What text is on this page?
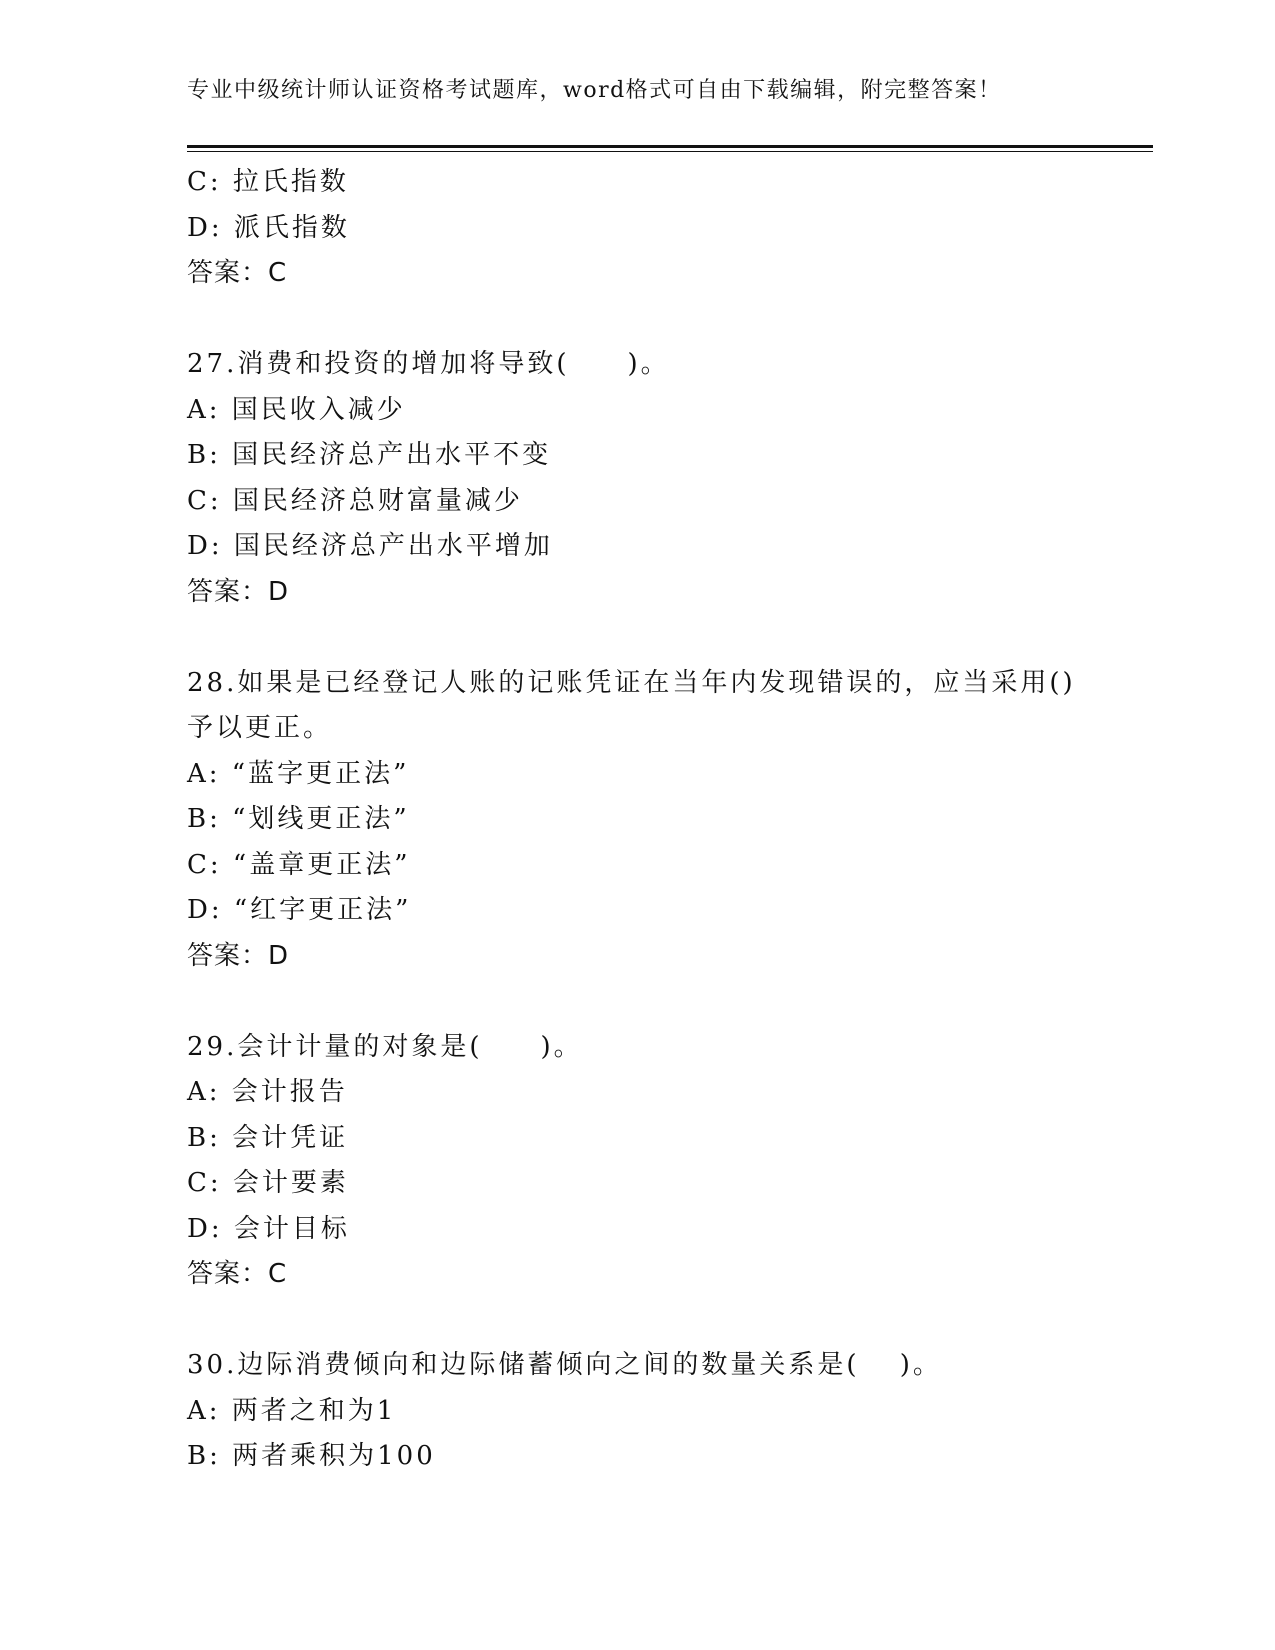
专业中级统计师认证资格考试题库，word格式可自由下载编辑，附完整答案！
C: 拉氏指数
D: 派氏指数
答案：C
27.消费和投资的增加将导致(　　)。
A: 国民收入减少
B: 国民经济总产出水平不变
C: 国民经济总财富量减少
D: 国民经济总产出水平增加
答案：D
28.如果是已经登记人账的记账凭证在当年内发现错误的，应当采用()
予以更正。
A: “蓝字更正法”
B: “划线更正法”
C: “盖章更正法”
D: “红字更正法”
答案：D
29.会计计量的对象是(　　)。
A: 会计报告
B: 会计凭证
C: 会计要素
D: 会计目标
答案：C
30.边际消费倾向和边际储蓄倾向之间的数量关系是(　 )。
A: 两者之和为1
B: 两者乘积为100
